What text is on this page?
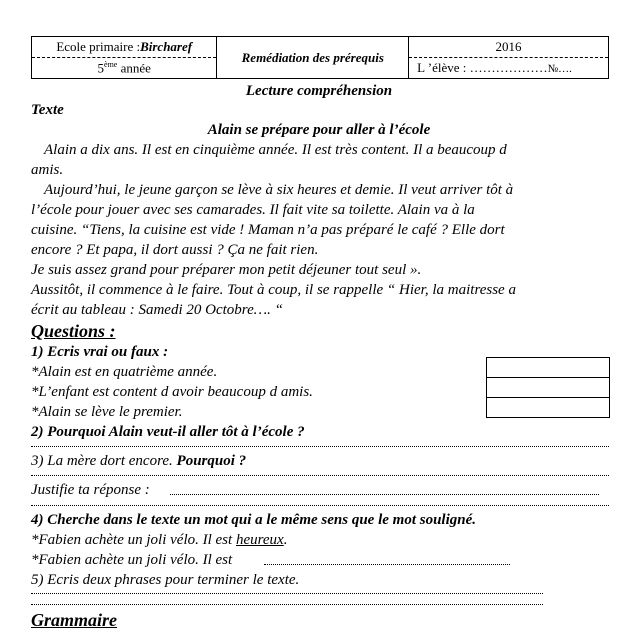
Ecole primaire :Bircharef	Remédiation des prérequis	2016
5ème année		L ’élève : ………………№….
Lecture compréhension
Texte
Alain se prépare pour aller à l’école
Alain a dix ans. Il est en cinquième année. Il est très content. Il a beaucoup d
amis.
Aujourd’hui, le jeune garçon se lève à six heures et demie. Il veut arriver tôt à
l’école pour jouer avec ses camarades. Il fait vite sa toilette. Alain va à la
cuisine. “Tiens, la cuisine est vide ! Maman n’a pas préparé le café ? Elle dort
encore ? Et papa, il dort aussi ? Ça ne fait rien.
Je suis assez grand pour préparer mon petit déjeuner tout seul ».
Aussitôt, il commence à le faire. Tout à coup, il se rappelle “ Hier, la maitresse a
écrit au tableau : Samedi 20 Octobre…. “
Questions :
1) Ecris vrai ou faux :
*Alain est en quatrième année.
*L’enfant est content d avoir beaucoup d amis.
*Alain se lève le premier.

2) Pourquoi Alain veut-il aller tôt à l’école ?
3) La mère dort encore. Pourquoi ?
Justifie ta réponse :
4) Cherche dans le texte un mot qui a le même sens que le mot souligné.
*Fabien achète un joli vélo. Il est heureux.
*Fabien achète un joli vélo. Il est
5) Ecris deux phrases pour terminer le texte.
Grammaire
